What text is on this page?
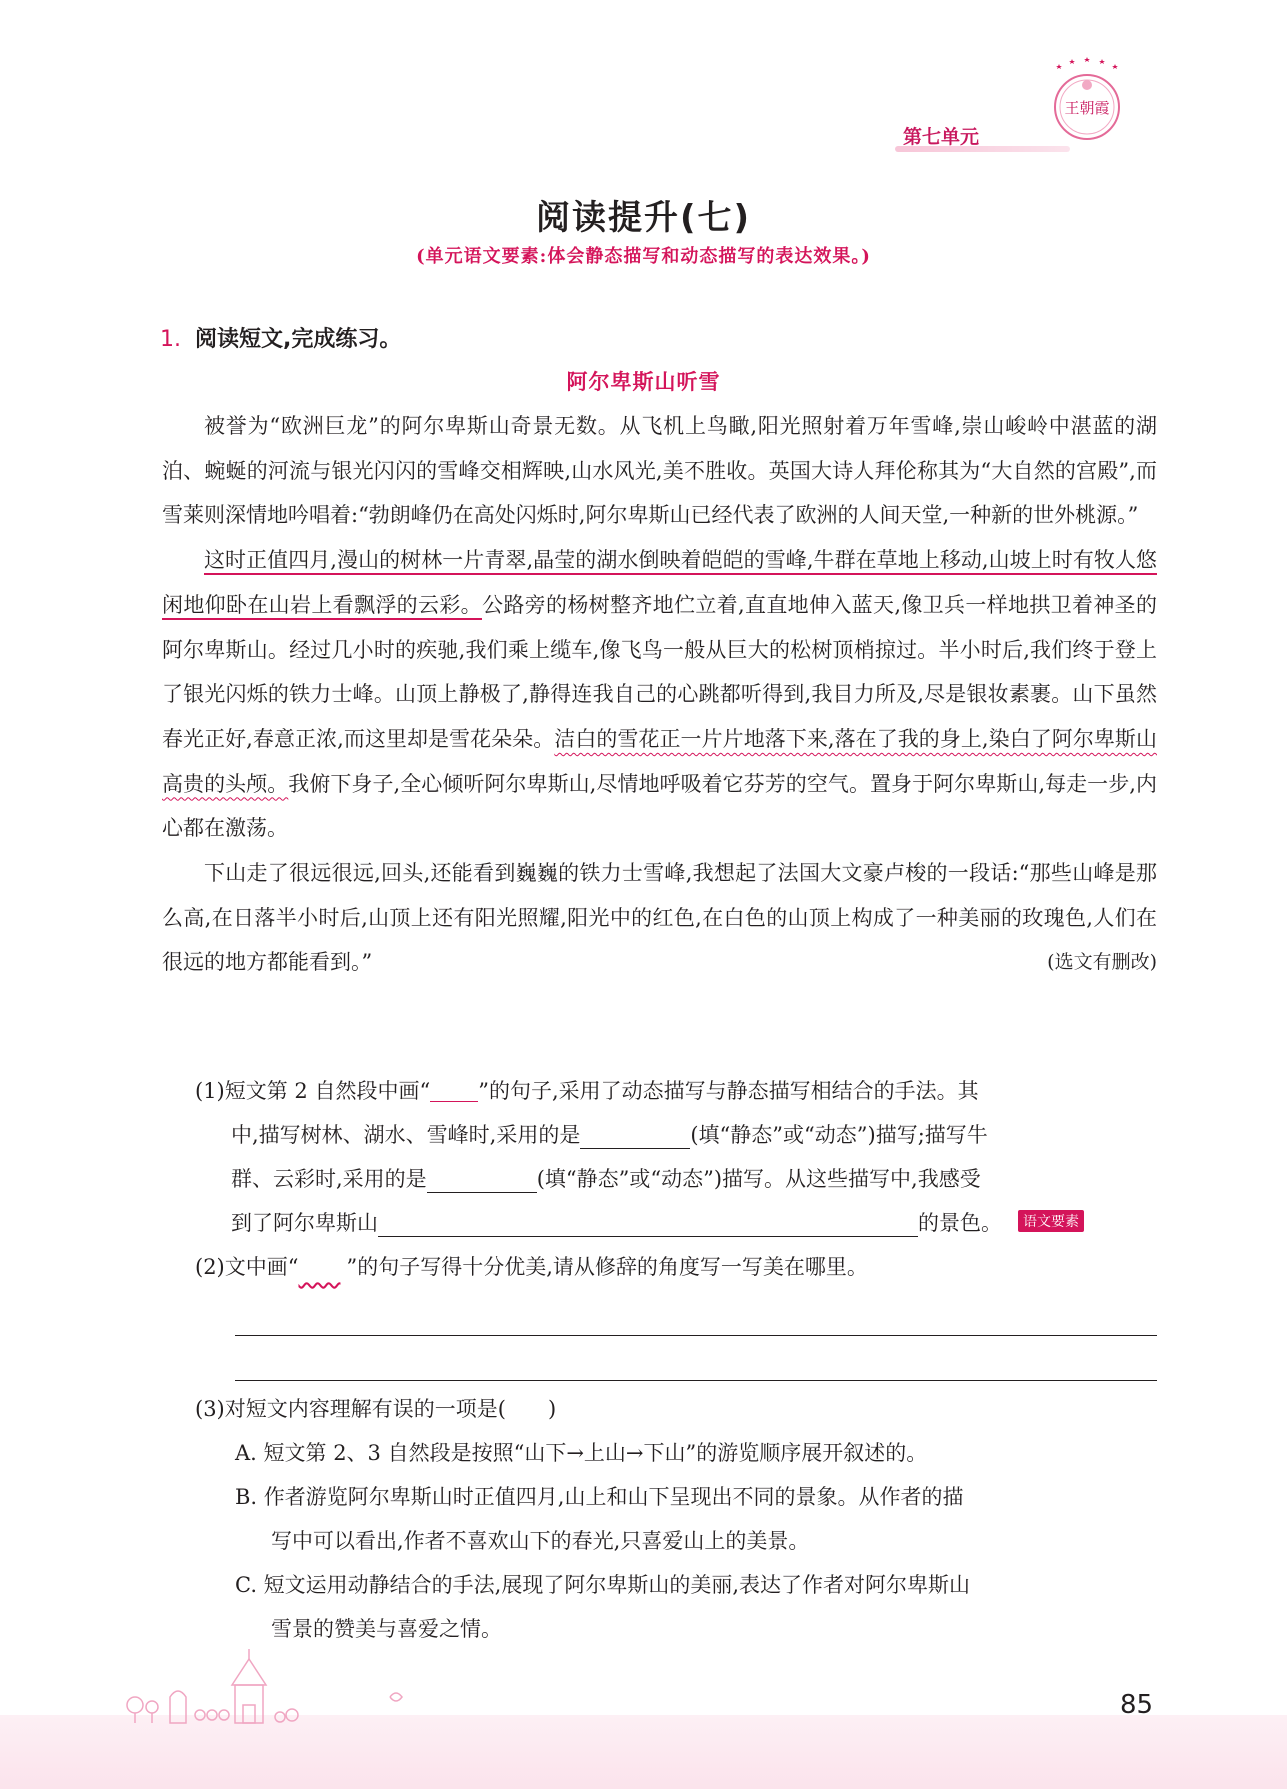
王朝霞
第七单元
阅读提升(七)
(单元语文要素:体会静态描写和动态描写的表达效果。)
1. 阅读短文,完成练习。
阿尔卑斯山听雪

被誉为“欧洲巨龙”的阿尔卑斯山奇景无数。从飞机上鸟瞰,阳光照射着万年雪峰,崇山峻岭中湛蓝的湖泊、蜿蜒的河流与银光闪闪的雪峰交相辉映,山水风光,美不胜收。英国大诗人拜伦称其为“大自然的宫殿”,而雪莱则深情地吟唱着:“勃朗峰仍在高处闪烁时,阿尔卑斯山已经代表了欧洲的人间天堂,一种新的世外桃源。”

这时正值四月,漫山的树林一片青翠,晶莹的湖水倒映着皑皑的雪峰,牛群在草地上移动,山坡上时有牧人悠闲地仰卧在山岩上看飘浮的云彩。公路旁的杨树整齐地伫立着,直直地伸入蓝天,像卫兵一样地拱卫着神圣的阿尔卑斯山。经过几小时的疾驰,我们乘上缆车,像飞鸟一般从巨大的松树顶梢掠过。半小时后,我们终于登上了银光闪烁的铁力士峰。山顶上静极了,静得连我自己的心跳都听得到,我目力所及,尽是银妆素裹。山下虽然春光正好,春意正浓,而这里却是雪花朵朵。洁白的雪花正一片片地落下来,落在了我的身上,染白了阿尔卑斯山高贵的头颅。我俯下身子,全心倾听阿尔卑斯山,尽情地呼吸着它芬芳的空气。置身于阿尔卑斯山,每走一步,内心都在激荡。

下山走了很远很远,回头,还能看到巍巍的铁力士雪峰,我想起了法国大文豪卢梭的一段话:“那些山峰是那么高,在日落半小时后,山顶上还有阳光照耀,阳光中的红色,在白色的山顶上构成了一种美丽的玫瑰色,人们在很远的地方都能看到。”	(选文有删改)

(1)短文第 2 自然段中画“ ”的句子,采用了动态描写与静态描写相结合的手法。其
中,描写树林、湖水、雪峰时,采用的是	(填“静态”或“动态”)描写;描写牛
群、云彩时,采用的是	(填“静态”或“动态”)描写。从这些描写中,我感受
到了阿尔卑斯山	的景色。 语文要素
(2)文中画“　　 ”的句子写得十分优美,请从修辞的角度写一写美在哪里。
(3)对短文内容理解有误的一项是(　　)
A. 短文第 2、3 自然段是按照“山下→上山→下山”的游览顺序展开叙述的。
B. 作者游览阿尔卑斯山时正值四月,山上和山下呈现出不同的景象。从作者的描
写中可以看出,作者不喜欢山下的春光,只喜爱山上的美景。
C. 短文运用动静结合的手法,展现了阿尔卑斯山的美丽,表达了作者对阿尔卑斯山
雪景的赞美与喜爱之情。
85
